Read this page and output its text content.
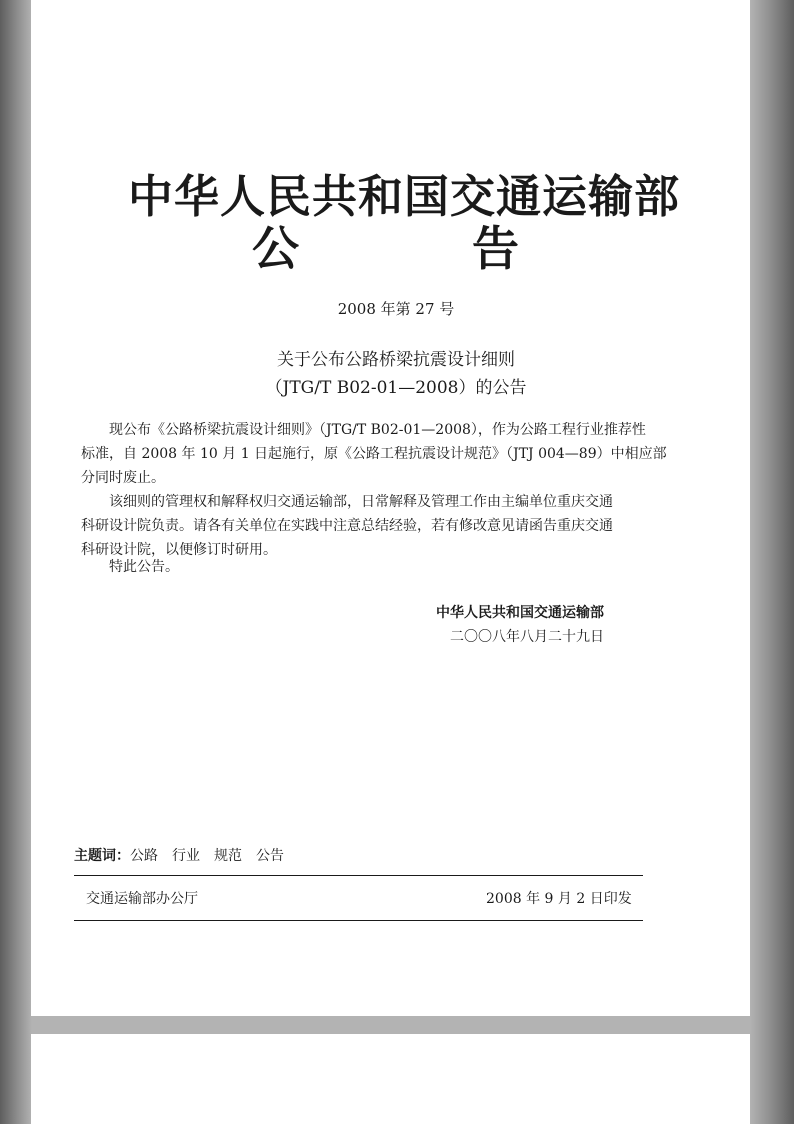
中华人民共和国交通运输部
公	告
2008 年第 27 号
关于公布公路桥梁抗震设计细则
（JTG/T B02-01—2008）的公告
现公布《公路桥梁抗震设计细则》（JTG/T B02-01—2008），作为公路工程行业推荐性
标准，自 2008 年 10 月 1 日起施行，原《公路工程抗震设计规范》（JTJ 004—89）中相应部
分同时废止。
该细则的管理权和解释权归交通运输部，日常解释及管理工作由主编单位重庆交通
科研设计院负责。请各有关单位在实践中注意总结经验，若有修改意见请函告重庆交通
科研设计院，以便修订时研用。
特此公告。
中华人民共和国交通运输部
二〇〇八年八月二十九日
主题词：公路 行业 规范 公告
交通运输部办公厅	2008 年 9 月 2 日印发
